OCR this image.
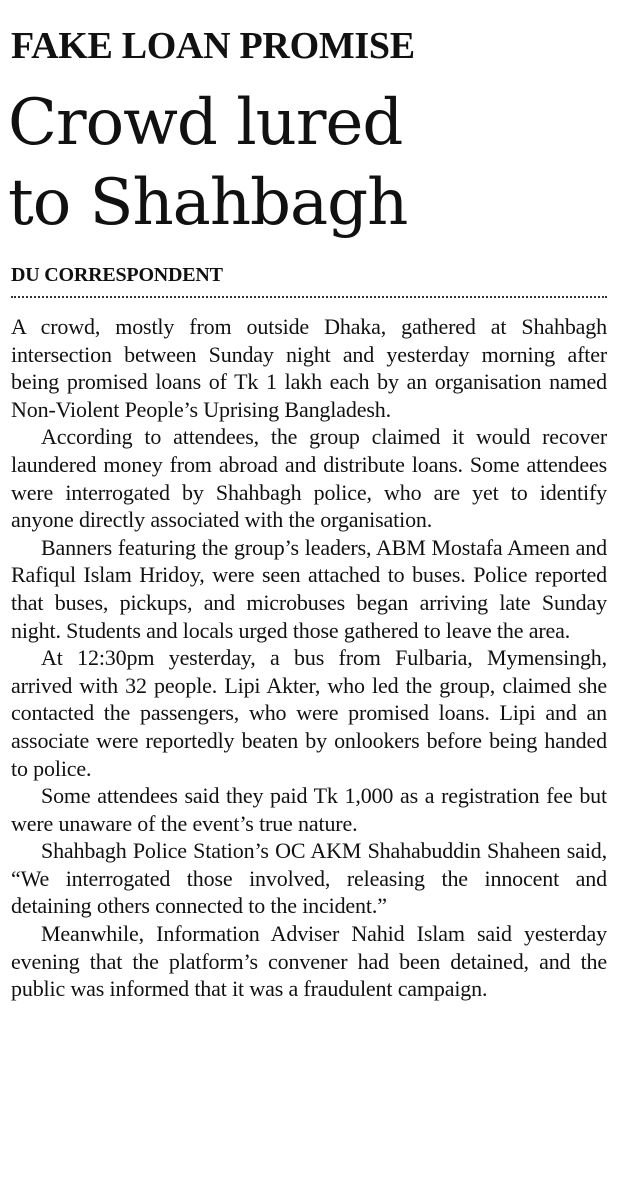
FAKE LOAN PROMISE
Crowd lured
to Shahbagh
DU CORRESPONDENT

A crowd, mostly from outside Dhaka, gathered at Shahbagh intersection between Sunday night and yesterday morning after being promised loans of Tk 1 lakh each by an organisation named Non-Violent People’s Uprising Bangladesh.

According to attendees, the group claimed it would recover laundered money from abroad and distribute loans. Some attendees were interrogated by Shahbagh police, who are yet to identify anyone directly associated with the organisation.

Banners featuring the group’s leaders, ABM Mostafa Ameen and Rafiqul Islam Hridoy, were seen attached to buses. Police reported that buses, pickups, and microbuses began arriving late Sunday night. Students and locals urged those gathered to leave the area.

At 12:30pm yesterday, a bus from Fulbaria, Mymensingh, arrived with 32 people. Lipi Akter, who led the group, claimed she contacted the passengers, who were promised loans. Lipi and an associate were reportedly beaten by onlookers before being handed to police.

Some attendees said they paid Tk 1,000 as a registration fee but were unaware of the event’s true nature.

Shahbagh Police Station’s OC AKM Shahabuddin Shaheen said, “We interrogated those involved, releasing the innocent and detaining others connected to the incident.”

Meanwhile, Information Adviser Nahid Islam said yesterday evening that the platform’s convener had been detained, and the public was informed that it was a fraudulent campaign.
